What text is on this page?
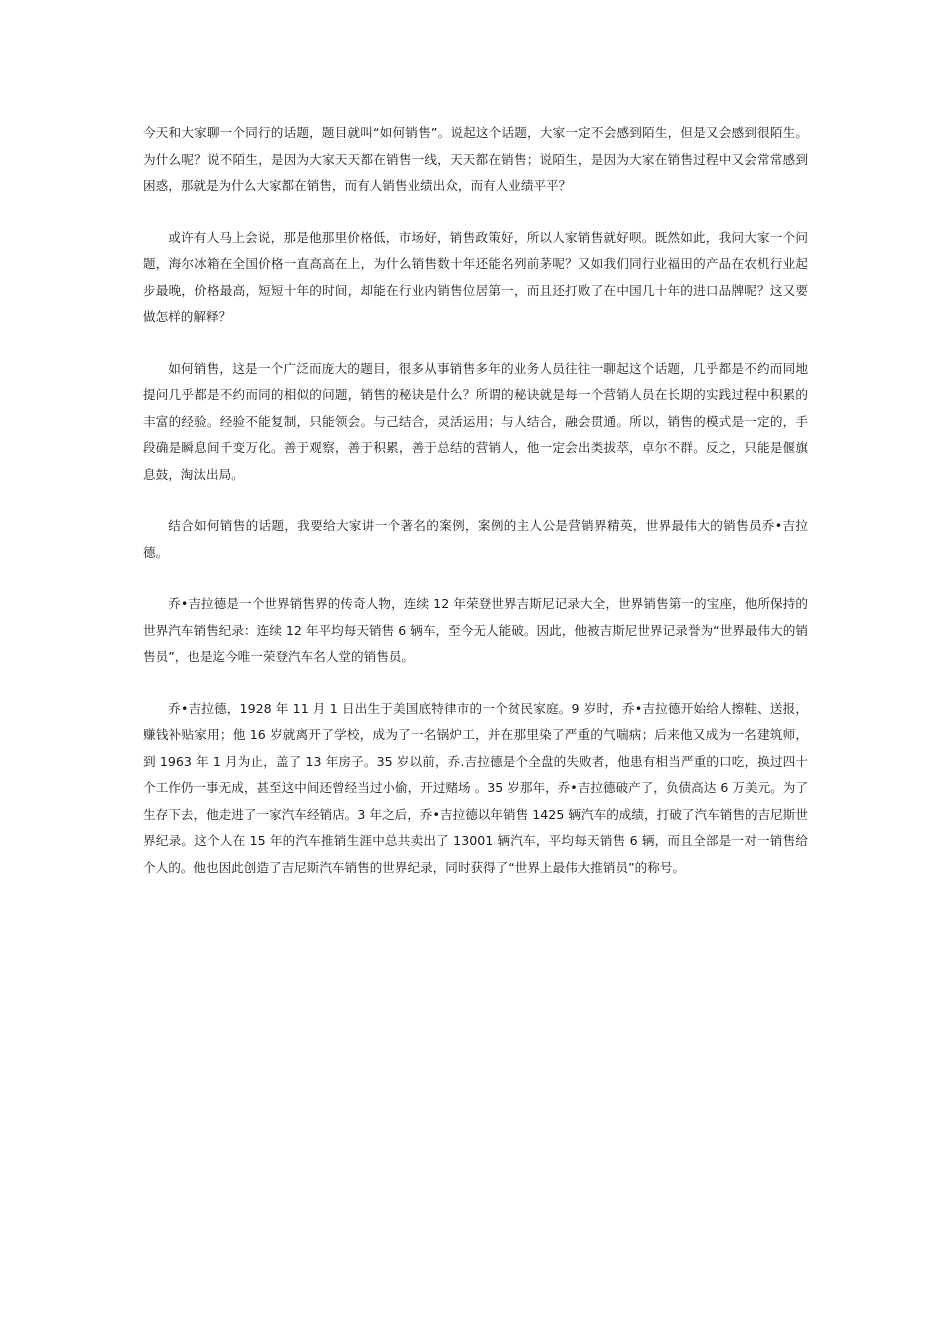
今天和大家聊一个同行的话题，题目就叫“如何销售”。说起这个话题，大家一定不会感到陌生，但是又会感到很陌生。为什么呢？说不陌生，是因为大家天天都在销售一线，天天都在销售；说陌生，是因为大家在销售过程中又会常常感到困惑，那就是为什么大家都在销售，而有人销售业绩出众，而有人业绩平平？

或许有人马上会说，那是他那里价格低，市场好，销售政策好，所以人家销售就好呗。既然如此，我问大家一个问题，海尔冰箱在全国价格一直高高在上，为什么销售数十年还能名列前茅呢？又如我们同行业福田的产品在农机行业起步最晚，价格最高，短短十年的时间，却能在行业内销售位居第一，而且还打败了在中国几十年的进口品牌呢？这又要做怎样的解释？

如何销售，这是一个广泛而庞大的题目，很多从事销售多年的业务人员往往一聊起这个话题，几乎都是不约而同地提问几乎都是不约而同的相似的问题，销售的秘诀是什么？所谓的秘诀就是每一个营销人员在长期的实践过程中积累的丰富的经验。经验不能复制，只能领会。与己结合，灵活运用；与人结合，融会贯通。所以，销售的模式是一定的，手段确是瞬息间千变万化。善于观察，善于积累，善于总结的营销人，他一定会出类拔萃，卓尔不群。反之，只能是偃旗息鼓，淘汰出局。

结合如何销售的话题，我要给大家讲一个著名的案例，案例的主人公是营销界精英，世界最伟大的销售员乔•吉拉德。

乔•吉拉德是一个世界销售界的传奇人物，连续 12 年荣登世界吉斯尼记录大全，世界销售第一的宝座，他所保持的世界汽车销售纪录：连续 12 年平均每天销售 6 辆车，至今无人能破。因此，他被吉斯尼世界记录誉为“世界最伟大的销售员”，也是迄今唯一荣登汽车名人堂的销售员。

乔•吉拉德，1928 年 11 月 1 日出生于美国底特律市的一个贫民家庭。9 岁时，乔•吉拉德开始给人擦鞋、送报，赚钱补贴家用；他 16 岁就离开了学校，成为了一名锅炉工，并在那里染了严重的气喘病；后来他又成为一名建筑师，到 1963 年 1 月为止，盖了 13 年房子。35 岁以前，乔.吉拉德是个全盘的失败者，他患有相当严重的口吃，换过四十个工作仍一事无成，甚至这中间还曾经当过小偷，开过赌场 。35 岁那年，乔•吉拉德破产了，负债高达 6 万美元。为了生存下去，他走进了一家汽车经销店。3 年之后，乔•吉拉德以年销售 1425 辆汽车的成绩，打破了汽车销售的吉尼斯世界纪录。这个人在 15 年的汽车推销生涯中总共卖出了 13001 辆汽车，平均每天销售 6 辆，而且全部是一对一销售给个人的。他也因此创造了吉尼斯汽车销售的世界纪录，同时获得了“世界上最伟大推销员”的称号。
